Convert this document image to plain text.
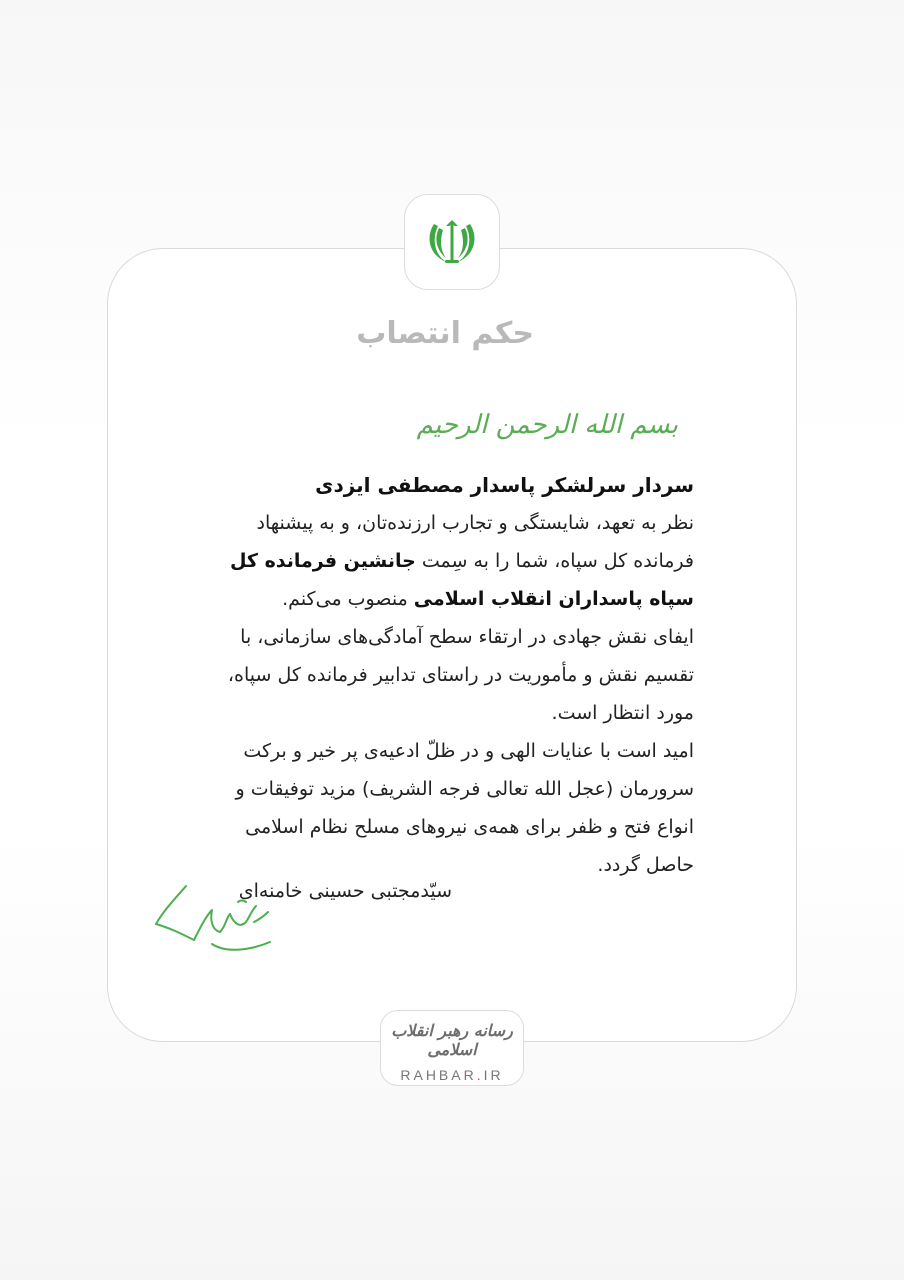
حکم انتصاب
بسم الله الرحمن الرحیم

سردار سرلشکر پاسدار مصطفی ایزدی

نظر به تعهد، شایستگی و تجارب ارزنده‌تان، و به پیشنهاد فرمانده کل سپاه، شما را به سِمت جانشین فرمانده کل سپاه پاسداران انقلاب اسلامی منصوب می‌کنم.

ایفای نقش جهادی در ارتقاء سطح آمادگی‌های سازمانی، با تقسیم نقش و مأموریت در راستای تدابیر فرمانده کل سپاه، مورد انتظار است.

امید است با عنایات الهی و در ظلّ ادعیه‌ی پر خیر و برکت سرورمان (عجل الله تعالی فرجه الشریف) مزید توفیقات و انواع فتح و ظفر برای همه‌ی نیروهای مسلح نظام اسلامی حاصل گردد.

سیّدمجتبی حسینی خامنه‌ای
رسانه رهبر انقلاب اسلامی
RAHBAR.IR
